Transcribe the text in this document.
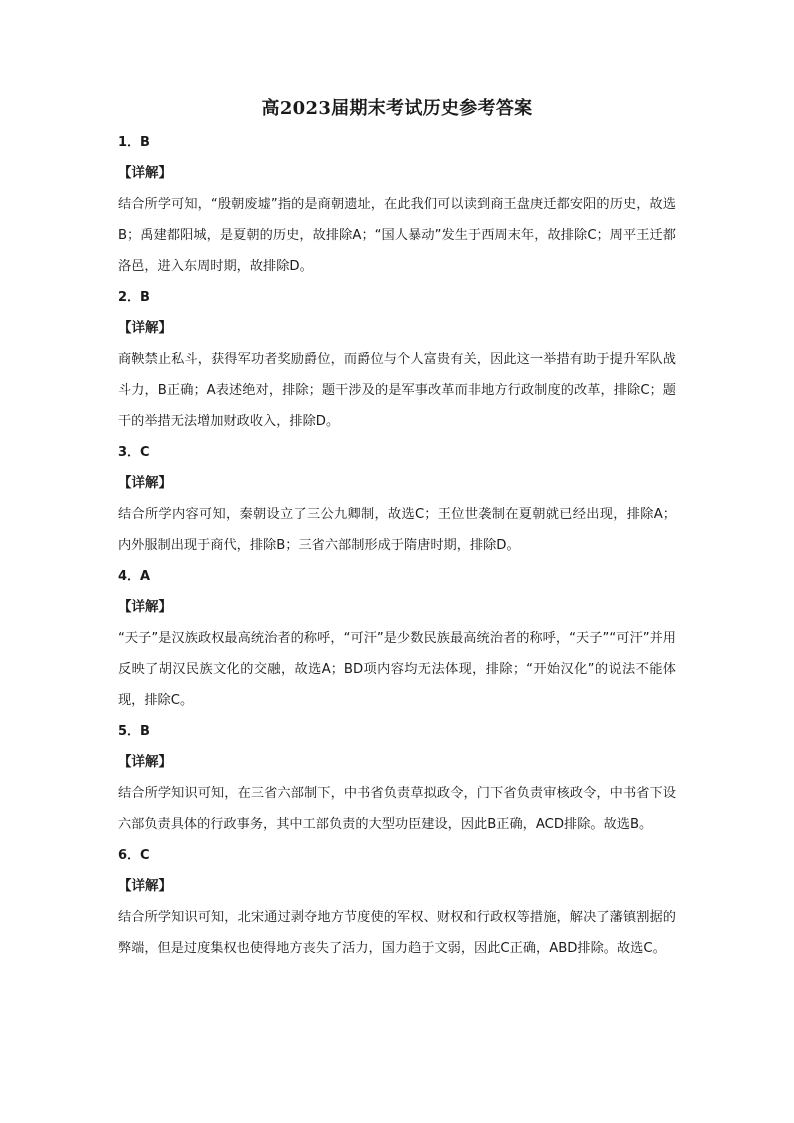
高2023届期末考试历史参考答案
1．B
【详解】
结合所学可知，“殷朝废墟”指的是商朝遗址，在此我们可以读到商王盘庚迁都安阳的历史，故选B；禹建都阳城，是夏朝的历史，故排除A；“国人暴动”发生于西周末年，故排除C；周平王迁都洛邑，进入东周时期，故排除D。
2．B
【详解】
商鞅禁止私斗，获得军功者奖励爵位，而爵位与个人富贵有关，因此这一举措有助于提升军队战斗力，B正确；A表述绝对，排除；题干涉及的是军事改革而非地方行政制度的改革，排除C；题干的举措无法增加财政收入，排除D。
3．C
【详解】
结合所学内容可知，秦朝设立了三公九卿制，故选C；王位世袭制在夏朝就已经出现，排除A；内外服制出现于商代，排除B；三省六部制形成于隋唐时期，排除D。
4．A
【详解】
“天子”是汉族政权最高统治者的称呼，“可汗”是少数民族最高统治者的称呼，“天子”“可汗”并用反映了胡汉民族文化的交融，故选A；BD项内容均无法体现，排除；“开始汉化”的说法不能体现，排除C。
5．B
【详解】
结合所学知识可知，在三省六部制下，中书省负责草拟政令，门下省负责审核政令，中书省下设六部负责具体的行政事务，其中工部负责的大型功臣建设，因此B正确，ACD排除。故选B。
6．C
【详解】
结合所学知识可知，北宋通过剥夺地方节度使的军权、财权和行政权等措施，解决了藩镇割据的弊端，但是过度集权也使得地方丧失了活力，国力趋于文弱，因此C正确，ABD排除。故选C。
